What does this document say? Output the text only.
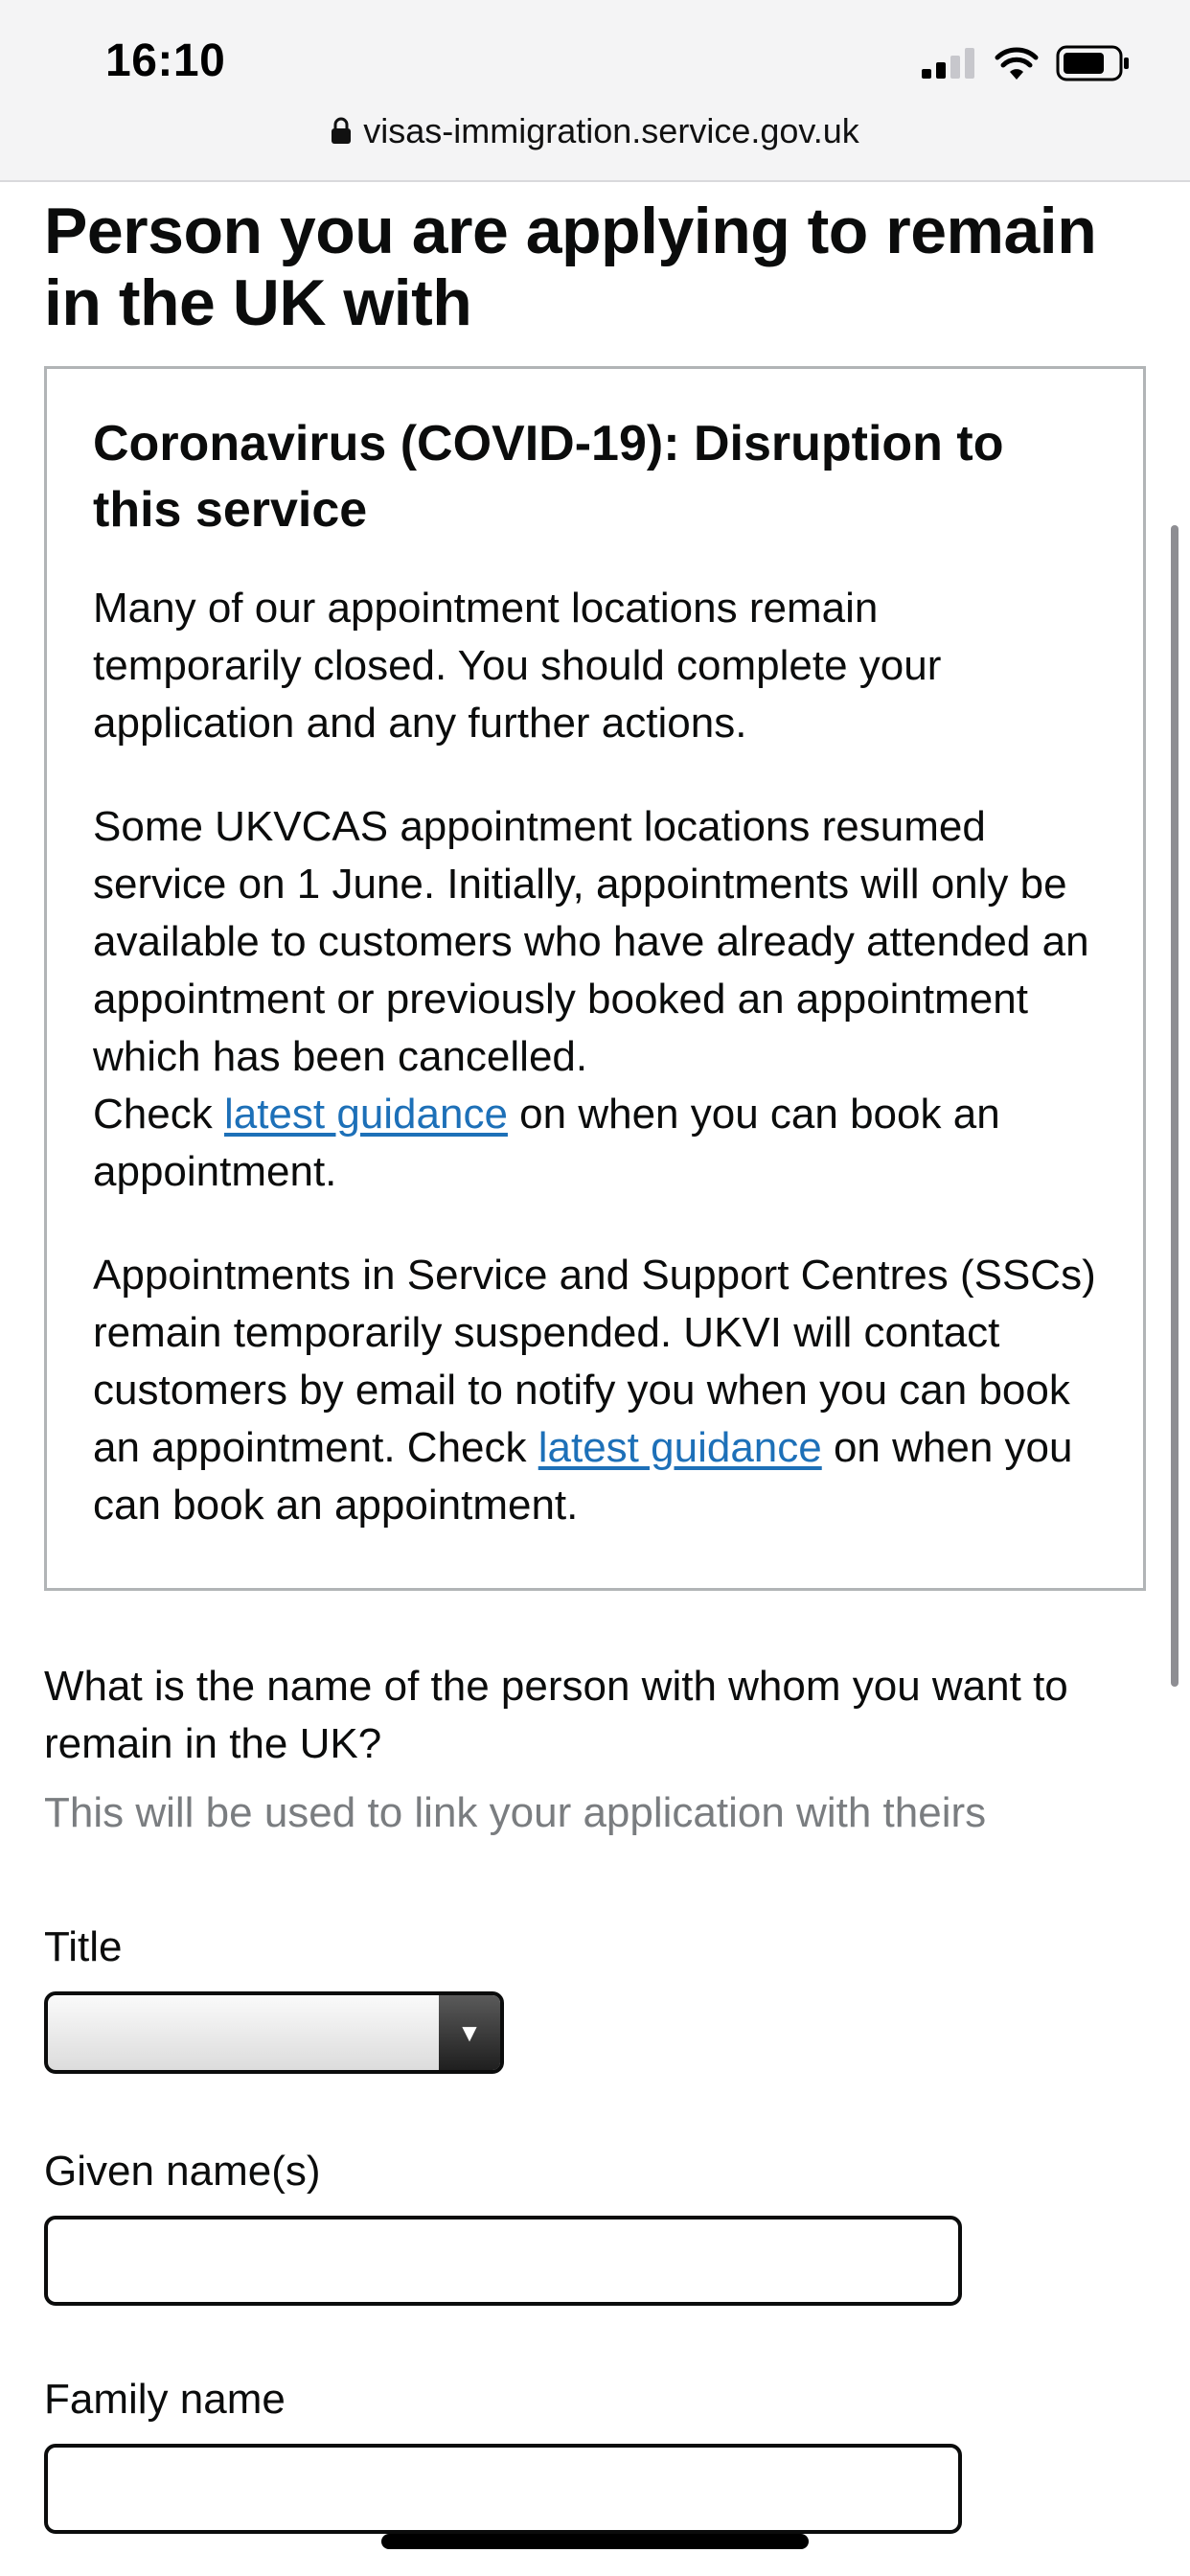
16:10
visas-immigration.service.gov.uk
Person you are applying to remain in the UK with
Coronavirus (COVID-19): Disruption to this service

Many of our appointment locations remain temporarily closed. You should complete your application and any further actions.

Some UKVCAS appointment locations resumed service on 1 June. Initially, appointments will only be available to customers who have already attended an appointment or previously booked an appointment which has been cancelled.
Check latest guidance on when you can book an appointment.

Appointments in Service and Support Centres (SSCs) remain temporarily suspended. UKVI will contact customers by email to notify you when you can book an appointment. Check latest guidance on when you can book an appointment.

What is the name of the person with whom you want to remain in the UK?

This will be used to link your application with theirs

Title
▼
Given name(s)
Family name
